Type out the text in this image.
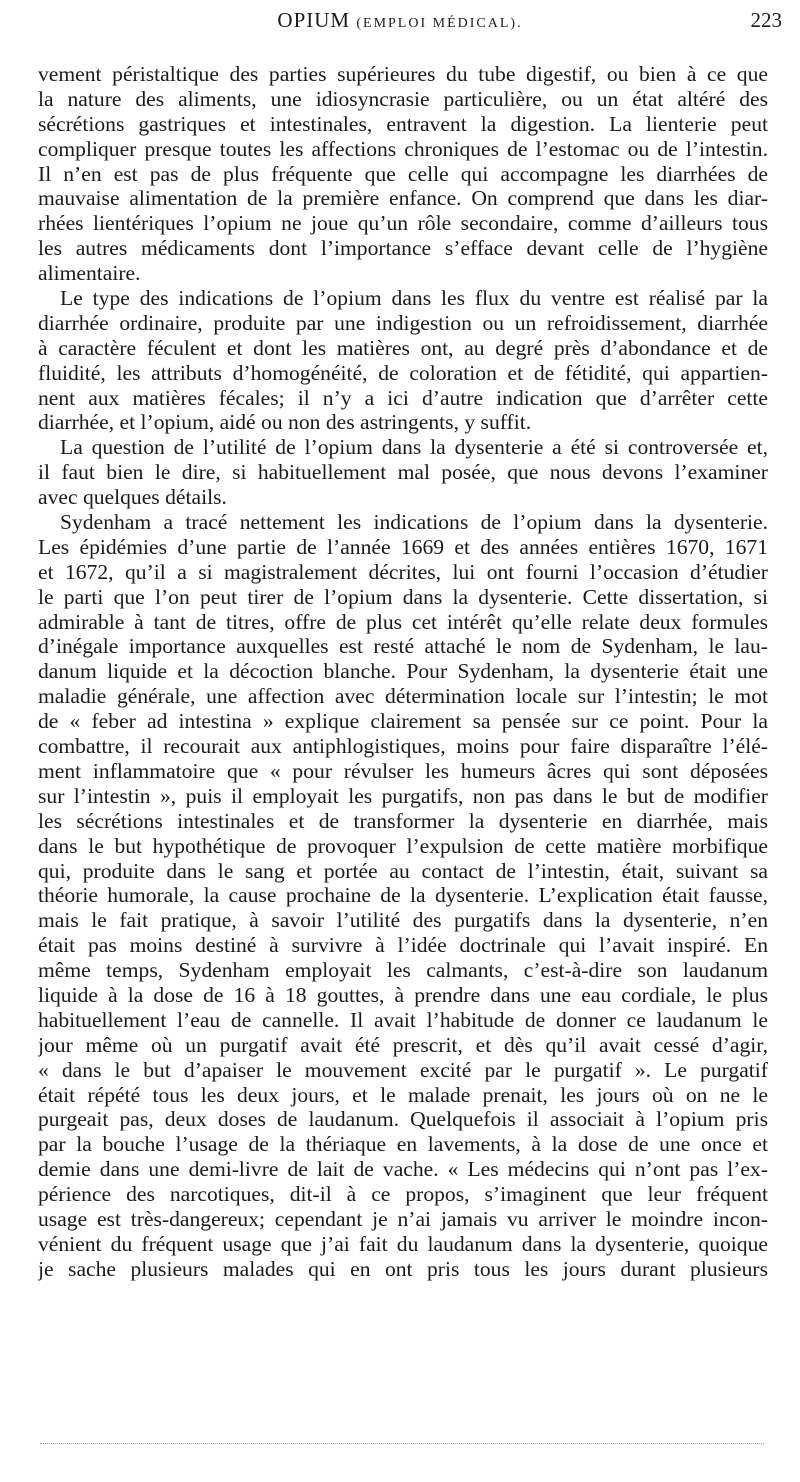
OPIUM (EMPLOI MÉDICAL).	223
vement péristaltique des parties supérieures du tube digestif, ou bien à ce que
la nature des aliments, une idiosyncrasie particulière, ou un état altéré des
sécrétions gastriques et intestinales, entravent la digestion. La lienterie peut
compliquer presque toutes les affections chroniques de l’estomac ou de l’intestin.
Il n’en est pas de plus fréquente que celle qui accompagne les diarrhées de
mauvaise alimentation de la première enfance. On comprend que dans les diar-
rhées lientériques l’opium ne joue qu’un rôle secondaire, comme d’ailleurs tous
les autres médicaments dont l’importance s’efface devant celle de l’hygiène
alimentaire.
Le type des indications de l’opium dans les flux du ventre est réalisé par la
diarrhée ordinaire, produite par une indigestion ou un refroidissement, diarrhée
à caractère féculent et dont les matières ont, au degré près d’abondance et de
fluidité, les attributs d’homogénéité, de coloration et de fétidité, qui appartien-
nent aux matières fécales; il n’y a ici d’autre indication que d’arrêter cette
diarrhée, et l’opium, aidé ou non des astringents, y suffit.
La question de l’utilité de l’opium dans la dysenterie a été si controversée et,
il faut bien le dire, si habituellement mal posée, que nous devons l’examiner
avec quelques détails.
Sydenham a tracé nettement les indications de l’opium dans la dysenterie.
Les épidémies d’une partie de l’année 1669 et des années entières 1670, 1671
et 1672, qu’il a si magistralement décrites, lui ont fourni l’occasion d’étudier
le parti que l’on peut tirer de l’opium dans la dysenterie. Cette dissertation, si
admirable à tant de titres, offre de plus cet intérêt qu’elle relate deux formules
d’inégale importance auxquelles est resté attaché le nom de Sydenham, le lau-
danum liquide et la décoction blanche. Pour Sydenham, la dysenterie était une
maladie générale, une affection avec détermination locale sur l’intestin; le mot
de « feber ad intestina » explique clairement sa pensée sur ce point. Pour la
combattre, il recourait aux antiphlogistiques, moins pour faire disparaître l’élé-
ment inflammatoire que « pour révulser les humeurs âcres qui sont déposées
sur l’intestin », puis il employait les purgatifs, non pas dans le but de modifier
les sécrétions intestinales et de transformer la dysenterie en diarrhée, mais
dans le but hypothétique de provoquer l’expulsion de cette matière morbifique
qui, produite dans le sang et portée au contact de l’intestin, était, suivant sa
théorie humorale, la cause prochaine de la dysenterie. L’explication était fausse,
mais le fait pratique, à savoir l’utilité des purgatifs dans la dysenterie, n’en
était pas moins destiné à survivre à l’idée doctrinale qui l’avait inspiré. En
même temps, Sydenham employait les calmants, c’est-à-dire son laudanum
liquide à la dose de 16 à 18 gouttes, à prendre dans une eau cordiale, le plus
habituellement l’eau de cannelle. Il avait l’habitude de donner ce laudanum le
jour même où un purgatif avait été prescrit, et dès qu’il avait cessé d’agir,
« dans le but d’apaiser le mouvement excité par le purgatif ». Le purgatif
était répété tous les deux jours, et le malade prenait, les jours où on ne le
purgeait pas, deux doses de laudanum. Quelquefois il associait à l’opium pris
par la bouche l’usage de la thériaque en lavements, à la dose de une once et
demie dans une demi-livre de lait de vache. « Les médecins qui n’ont pas l’ex-
périence des narcotiques, dit-il à ce propos, s’imaginent que leur fréquent
usage est très-dangereux; cependant je n’ai jamais vu arriver le moindre incon-
vénient du fréquent usage que j’ai fait du laudanum dans la dysenterie, quoique
je sache plusieurs malades qui en ont pris tous les jours durant plusieurs
